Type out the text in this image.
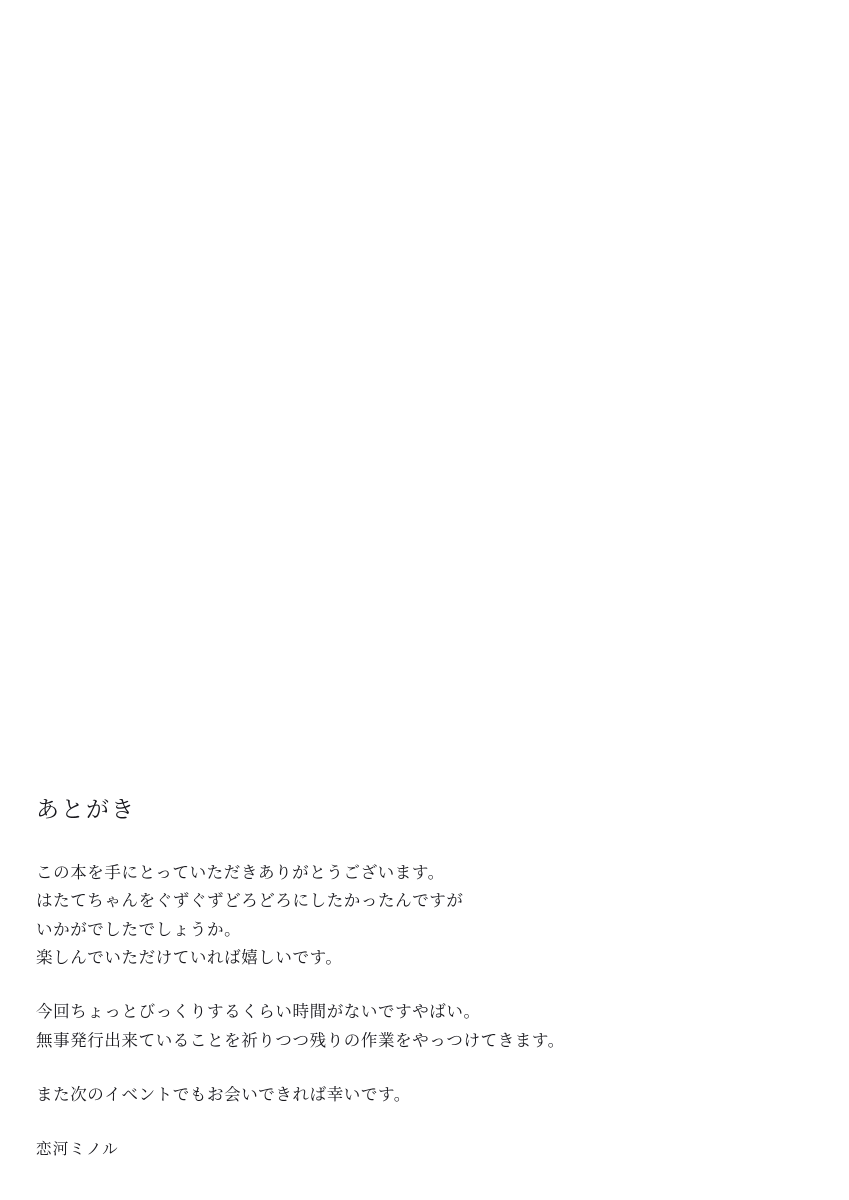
あとがき

この本を手にとっていただきありがとうございます。
はたてちゃんをぐずぐずどろどろにしたかったんですが
いかがでしたでしょうか。
楽しんでいただけていれば嬉しいです。

今回ちょっとびっくりするくらい時間がないですやばい。
無事発行出来ていることを祈りつつ残りの作業をやっつけてきます。

また次のイベントでもお会いできれば幸いです。

恋河ミノル
